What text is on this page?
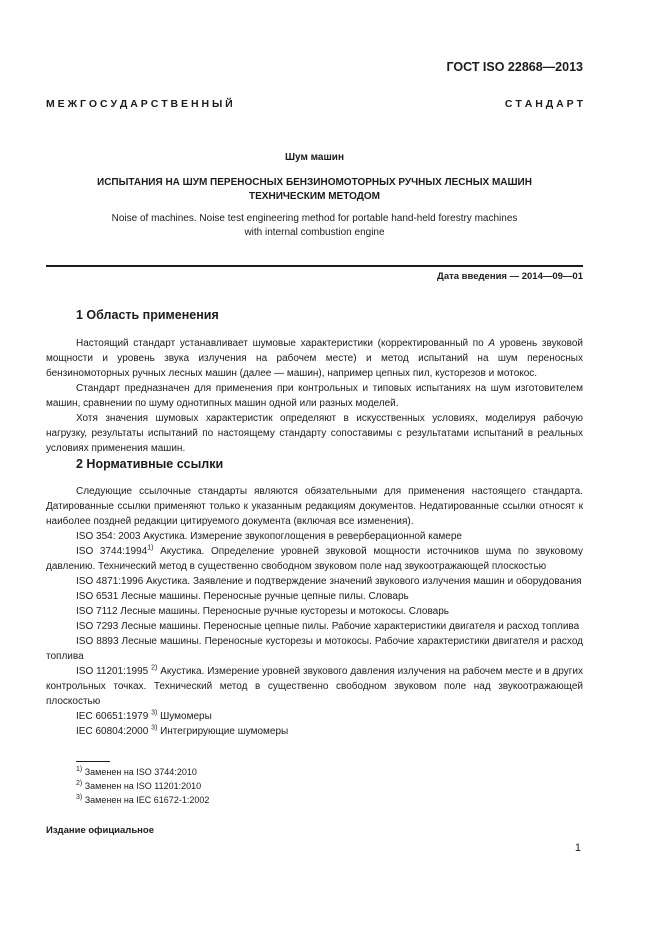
ГОСТ ISO 22868—2013
С Т А Н Д А Р Т
М Е Ж Г О С У Д А Р С Т В Е Н Н Ы Й
Шум машин
ИСПЫТАНИЯ НА ШУМ ПЕРЕНОСНЫХ БЕНЗИНОМОТОРНЫХ РУЧНЫХ ЛЕСНЫХ МАШИН
ТЕХНИЧЕСКИМ МЕТОДОМ
Noise of machines. Noise test engineering method for portable hand-held forestry machines
with internal combustion engine
Дата введения — 2014—09—01
1 Область применения
Настоящий стандарт устанавливает шумовые характеристики (корректированный по А уровень звуковой мощности и уровень звука излучения на рабочем месте) и метод испытаний на шум переносных бензиномоторных ручных лесных машин (далее — машин), например цепных пил, кусторезов и мотокос.
Стандарт предназначен для применения при контрольных и типовых испытаниях на шум изготовителем машин, сравнении по шуму однотипных машин одной или разных моделей.
Хотя значения шумовых характеристик определяют в искусственных условиях, моделируя рабочую нагрузку, результаты испытаний по настоящему стандарту сопоставимы с результатами испытаний в реальных условиях применения машин.
2 Нормативные ссылки
Следующие ссылочные стандарты являются обязательными для применения настоящего стандарта. Датированные ссылки применяют только к указанным редакциям документов. Недатированные ссылки относят к наиболее поздней редакции цитируемого документа (включая все изменения).
ISO 354: 2003 Акустика. Измерение звукопоглощения в реверберационной камере
ISO 3744:1994$^{1)}$ Акустика. Определение уровней звуковой мощности источников шума по звуковому давлению. Технический метод в существенно свободном звуковом поле над звукоотражающей плоскостью
ISO 4871:1996 Акустика. Заявление и подтверждение значений звукового излучения машин и оборудования
ISO 6531 Лесные машины. Переносные ручные цепные пилы. Словарь
ISO 7112 Лесные машины. Переносные ручные кусторезы и мотокосы. Словарь
ISO 7293 Лесные машины. Переносные цепные пилы. Рабочие характеристики двигателя и расход топлива
ISO 8893 Лесные машины. Переносные кусторезы и мотокосы. Рабочие характеристики двигателя и расход топлива
ISO 11201:1995 $^{2)}$ Акустика. Измерение уровней звукового давления излучения на рабочем месте и в других контрольных точках. Технический метод в существенно свободном звуковом поле над звукоотражающей плоскостью
IEC 60651:1979 $^{3)}$ Шумомеры
IEC 60804:2000 $^{3)}$ Интегрирующие шумомеры
$^{1)}$ Заменен на ISO 3744:2010
$^{2)}$ Заменен на ISO 11201:2010
$^{3)}$ Заменен на IEC 61672-1:2002
Издание официальное
1
